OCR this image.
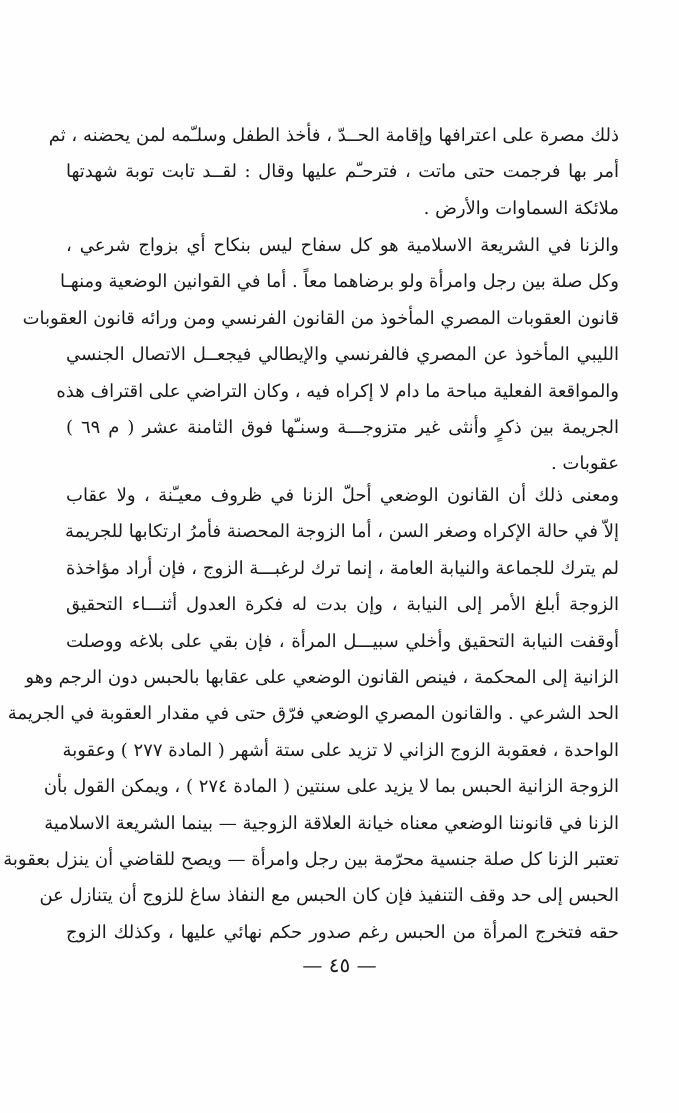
ذلك مصرة على اعترافها وإقامة الحــدّ ، فأخذ الطفل وسلـّمه لمن يحضنه ، ثم
أمر بها فرجمت حتى ماتت ، فترحـّم عليها وقال : لقــد تابت توبة شهدتها
ملائكة السماوات والأرض .
والزنا في الشريعة الاسلامية هو كل سفاح ليس بنكاح أي بزواج شرعي ،
وكل صلة بين رجل وامرأة ولو برضاهما معاً . أما في القوانين الوضعية ومنهـا
قانون العقوبات المصري المأخوذ من القانون الفرنسي ومن ورائه قانون العقوبات
الليبي المأخوذ عن المصري فالفرنسي والإيطالي فيجعــل الاتصال الجنسي
والمواقعة الفعلية مباحة ما دام لا إكراه فيه ، وكان التراضي على اقتراف هذه
الجريمة بين ذكرٍ وأنثى غير متزوجـــة وسنـّها فوق الثامنة عشر ( م ٦٩ )
عقوبات .
ومعنى ذلك أن القانون الوضعي أحلّ الزنا في ظروف معيـّنة ، ولا عقاب
إلاّ في حالة الإكراه وصغر السن ، أما الزوجة المحصنة فأمرُ ارتكابها للجريمة
لم يترك للجماعة والنيابة العامة ، إنما ترك لرغبـــة الزوج ، فإن أراد مؤاخذة
الزوجة أبلغ الأمر إلى النيابة ، وإن بدت له فكرة العدول أثنـــاء التحقيق
أوقفت النيابة التحقيق وأخلي سبيـــل المرأة ، فإن بقي على بلاغه ووصلت
الزانية إلى المحكمة ، فينص القانون الوضعي على عقابها بالحبس دون الرجم وهو
الحد الشرعي . والقانون المصري الوضعي فرّق حتى في مقدار العقوبة في الجريمة
الواحدة ، فعقوبة الزوج الزاني لا تزيد على ستة أشهر ( المادة ٢٧٧ ) وعقوبة
الزوجة الزانية الحبس بما لا يزيد على سنتين ( المادة ٢٧٤ ) ، ويمكن القول بأن
الزنا في قانوننا الوضعي معناه خيانة العلاقة الزوجية — بينما الشريعة الاسلامية
تعتبر الزنا كل صلة جنسية محرّمة بين رجل وامرأة — ويصح للقاضي أن ينزل بعقوبة
الحبس إلى حد وقف التنفيذ فإن كان الحبس مع النفاذ ساغ للزوج أن يتنازل عن
حقه فتخرج المرأة من الحبس رغم صدور حكم نهائي عليها ، وكذلك الزوج
— ٤٥ —
